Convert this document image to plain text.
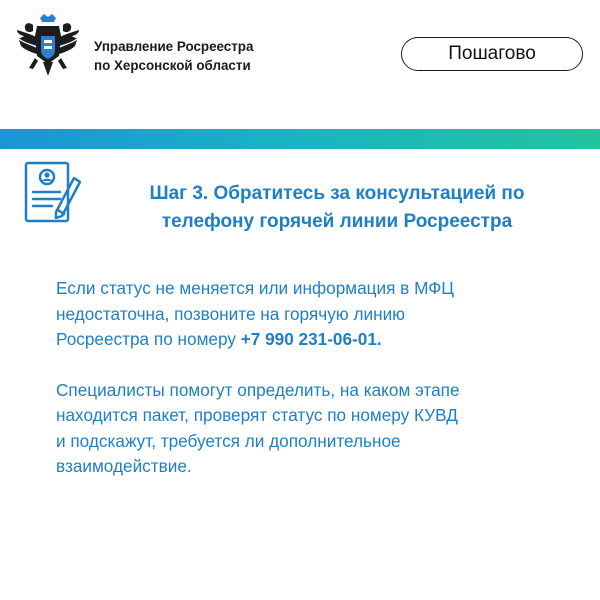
Управление Росреестра
по Херсонской области
Пошагово
Шаг 3. Обратитесь за консультацией по
телефону горячей линии Росреестра
Если статус не меняется или информация в МФЦ
недостаточна, позвоните на горячую линию
Росреестра по номеру +7 990 231-06-01.
Специалисты помогут определить, на каком этапе
находится пакет, проверят статус по номеру КУВД
и подскажут, требуется ли дополнительное
взаимодействие.
